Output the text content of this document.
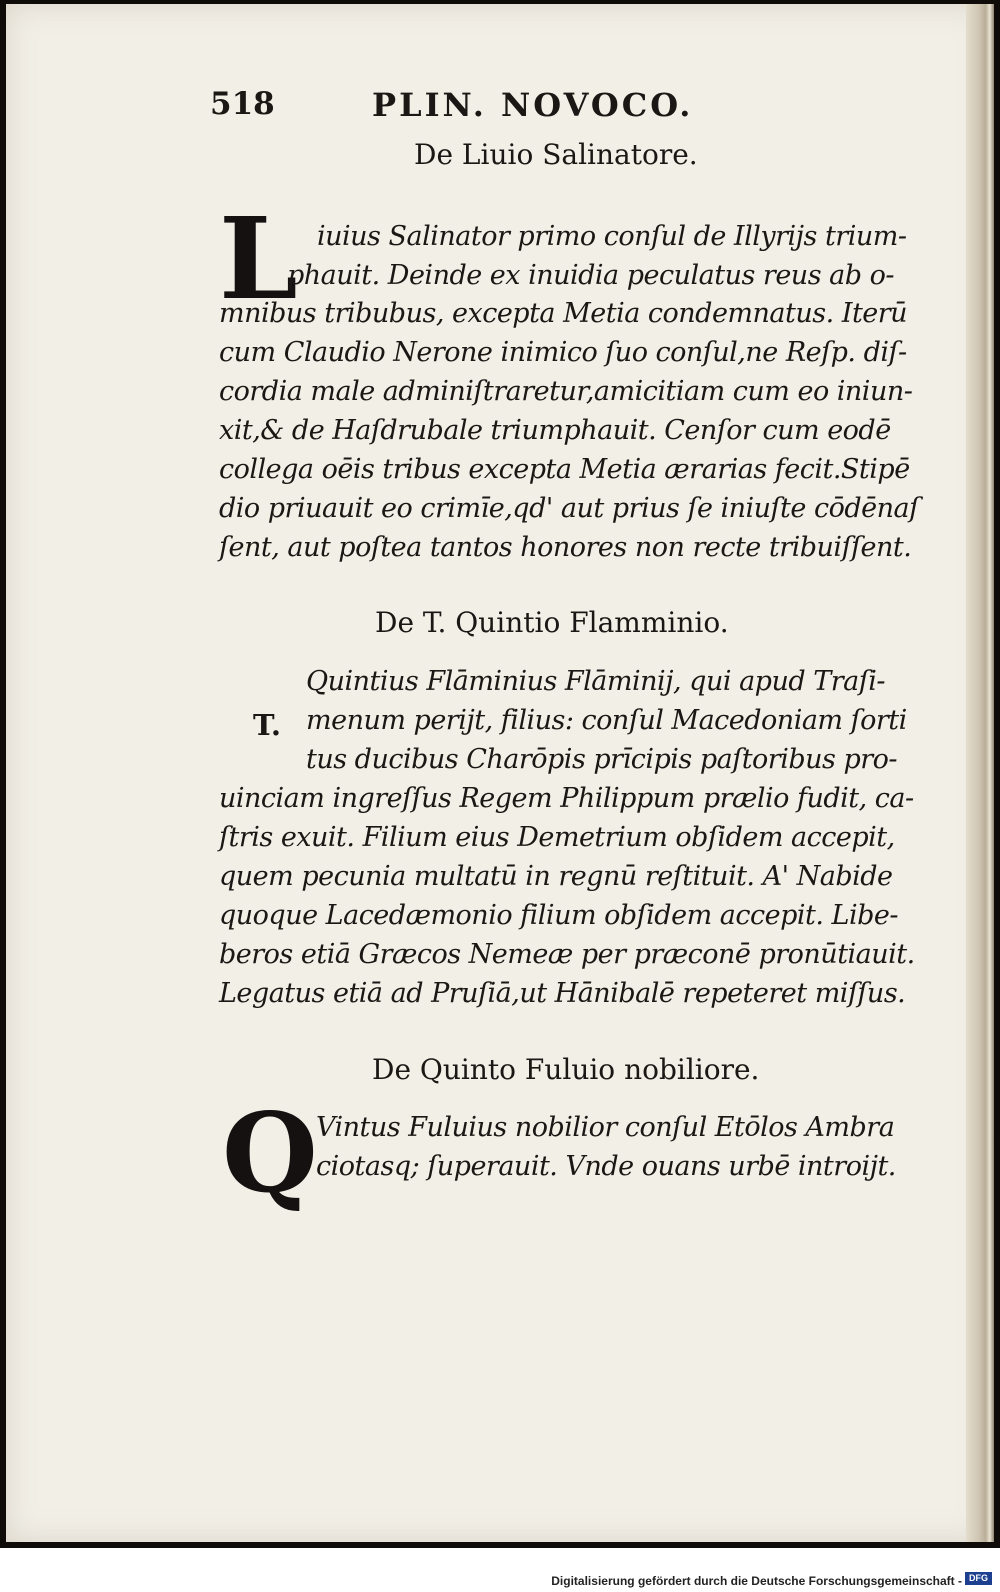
518	PLIN. NOVOCO.
De Liuio Salinatore.
L iuius Salinator primo conſul de Illyrijs trium-
phauit. Deinde ex inuidia peculatus reus ab o-
mnibus tribubus, excepta Metia condemnatus. Iterū
cum Claudio Nerone inimico ſuo conſul,ne Reſp. diſ-
cordia male adminiſtraretur,amicitiam cum eo iniun-
xit,& de Haſdrubale triumphauit. Cenſor cum eodē
collega oēis tribus excepta Metia ærarias fecit.Stipē
dio priuauit eo crimīe,qd' aut prius ſe iniuſte cōdēnaſ
ſent, aut poſtea tantos honores non recte tribuiſſent.
De T. Quintio Flamminio.
T.
Quintius Flāminius Flāminij, qui apud Traſi-
menum perijt, filius: conſul Macedoniam ſorti
tus ducibus Charōpis prīcipis paſtoribus pro-
uinciam ingreſſus Regem Philippum prælio fudit, ca-
ſtris exuit. Filium eius Demetrium obſidem accepit,
quem pecunia multatū in regnū reſtituit. A' Nabide
quoque Lacedæmonio filium obſidem accepit. Libe-
beros etiā Græcos Nemeæ per præconē pronūtiauit.
Legatus etiā ad Pruſiā,ut Hānibalē repeteret miſſus.
De Quinto Fuluio nobiliore.
Q
Vintus Fuluius nobilior conſul Etōlos Ambra
ciotasq; ſuperauit. Vnde ouans urbē introijt.
Digitalisierung gefördert durch die Deutsche Forschungsgemeinschaft - DFG
